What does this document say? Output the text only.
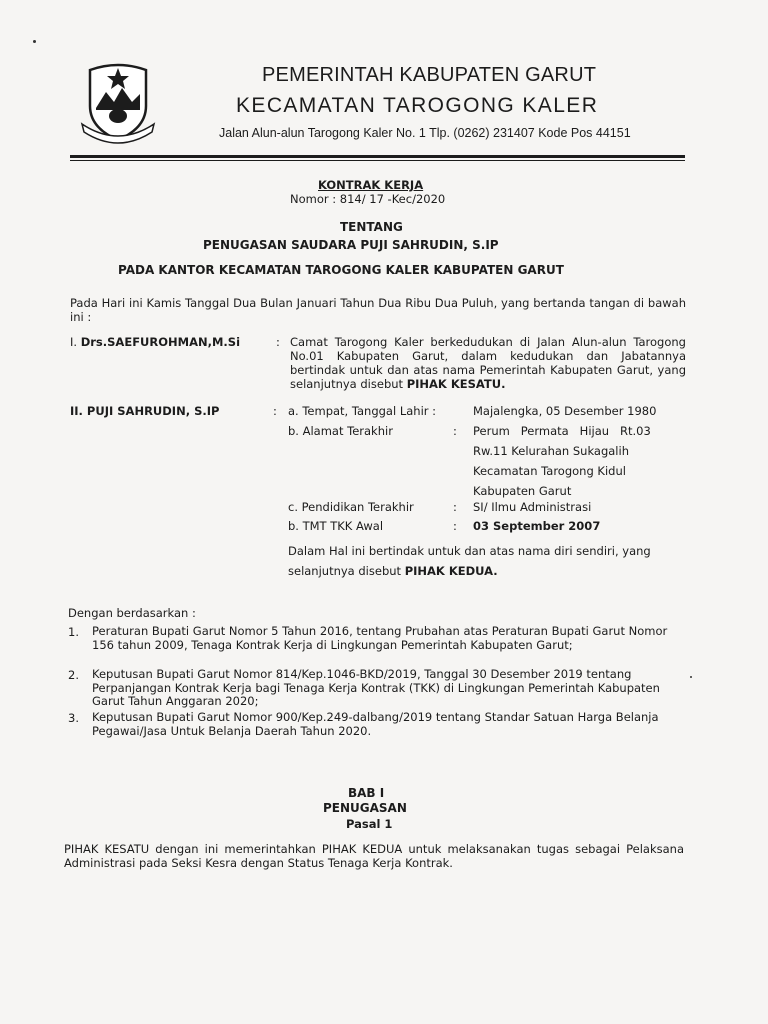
PEMERINTAH KABUPATEN GARUT
KECAMATAN TAROGONG KALER
Jalan Alun-alun Tarogong Kaler No. 1 Tlp. (0262) 231407 Kode Pos 44151
KONTRAK KERJA
Nomor : 814/ 17 -Kec/2020
TENTANG
PENUGASAN SAUDARA PUJI SAHRUDIN, S.IP
PADA KANTOR KECAMATAN TAROGONG KALER KABUPATEN GARUT
Pada Hari ini Kamis Tanggal Dua Bulan Januari Tahun Dua Ribu Dua Puluh, yang bertanda tangan di bawah ini :
I. Drs.SAEFUROHMAN,M.Si	: Camat Tarogong Kaler berkedudukan di Jalan Alun-alun Tarogong No.01 Kabupaten Garut, dalam kedudukan dan Jabatannya bertindak untuk dan atas nama Pemerintah Kabupaten Garut, yang selanjutnya disebut PIHAK KESATU.
II. PUJI SAHRUDIN, S.IP	: a. Tempat, Tanggal Lahir :	Majalengka, 05 Desember 1980
b. Alamat Terakhir	: Perum   Permata   Hijau   Rt.03
Rw.11 Kelurahan Sukagalih
Kecamatan Tarogong Kidul
Kabupaten Garut
c. Pendidikan Terakhir	: SI/ Ilmu Administrasi
b. TMT TKK Awal	: 03 September 2007
Dalam Hal ini bertindak untuk dan atas nama diri sendiri, yang selanjutnya disebut PIHAK KEDUA.
Dengan berdasarkan :
1. Peraturan Bupati Garut Nomor 5 Tahun 2016, tentang Prubahan atas Peraturan Bupati Garut Nomor 156 tahun 2009, Tenaga Kontrak Kerja di Lingkungan Pemerintah Kabupaten Garut;
2. Keputusan Bupati Garut Nomor 814/Kep.1046-BKD/2019, Tanggal 30 Desember 2019 tentang Perpanjangan Kontrak Kerja bagi Tenaga Kerja Kontrak (TKK) di Lingkungan Pemerintah Kabupaten Garut Tahun Anggaran 2020;
3. Keputusan Bupati Garut Nomor 900/Kep.249-dalbang/2019 tentang Standar Satuan Harga Belanja Pegawai/Jasa Untuk Belanja Daerah Tahun 2020.
BAB I
PENUGASAN
Pasal 1
PIHAK KESATU dengan ini memerintahkan PIHAK KEDUA untuk melaksanakan tugas sebagai Pelaksana Administrasi pada Seksi Kesra dengan Status Tenaga Kerja Kontrak.
